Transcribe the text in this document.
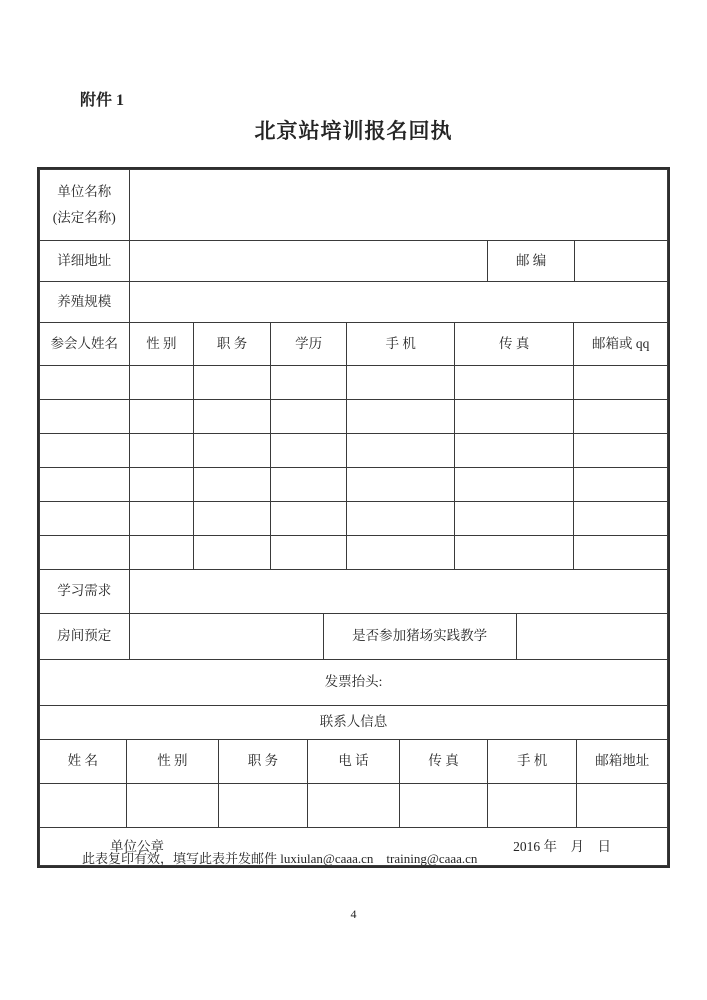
附件 1
北京站培训报名回执
单位名称
(法定名称)			

详细地址		邮 编	
养殖规模			
参会人姓名	性 别	职 务	学历	手 机	传 真	邮箱或 qq

学习需求			
房间预定		是否参加猪场实践教学	
发票抬头:
联系人信息						
姓 名	性 别	职 务	电 话	传 真	手 机	邮箱地址

单位公章	2016 年　月　日
此表复印有效，填写此表并发邮件 luxiulan@caaa.cn    training@caaa.cn
4
